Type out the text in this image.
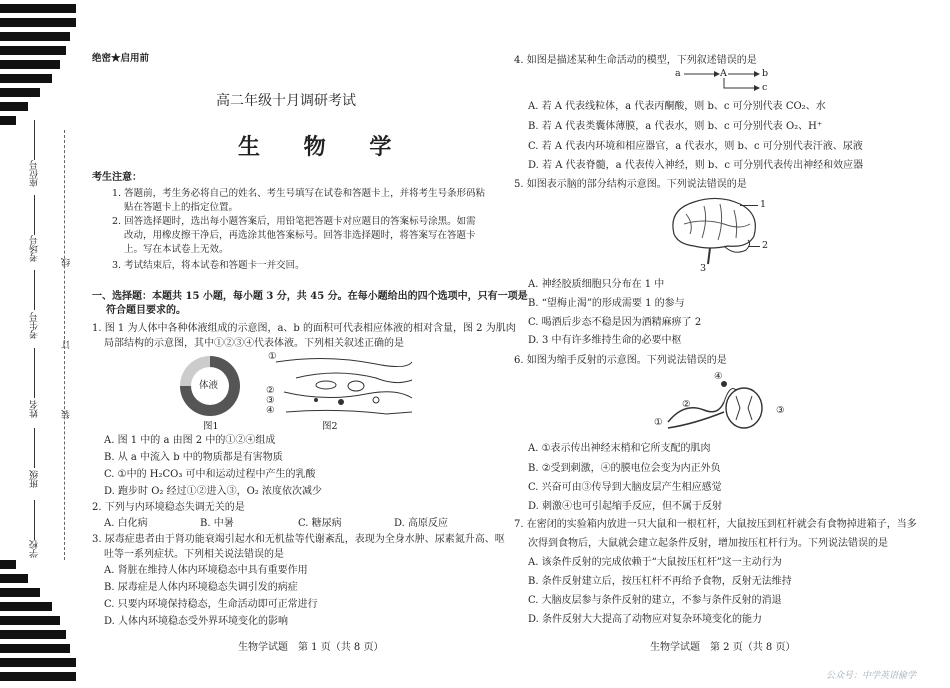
座位号
考场号
考生号
姓名
班级
学校
线
订
装
绝密★启用前
高二年级十月调研考试
生 物 学
考生注意：
1. 答题前，考生务必将自己的姓名、考生号填写在试卷和答题卡上，并将考生号条形码粘
贴在答题卡上的指定位置。
2. 回答选择题时，选出每小题答案后，用铅笔把答题卡对应题目的答案标号涂黑。如需
改动，用橡皮擦干净后，再选涂其他答案标号。回答非选择题时，将答案写在答题卡
上。写在本试卷上无效。
3. 考试结束后，将本试卷和答题卡一并交回。
一、选择题：本题共 15 小题，每小题 3 分，共 45 分。在每小题给出的四个选项中，只有一项是
符合题目要求的。
1. 图 1 为人体中各种体液组成的示意图，a、b 的面积可代表相应体液的相对含量，图 2 为肌肉
局部结构的示意图，其中①②③④代表体液。下列相关叙述正确的是
体液
图1
①
②
③
④
图2
A. 图 1 中的 a 由图 2 中的①②④组成
B. 从 a 中流入 b 中的物质都是有害物质
C. ①中的 H₂CO₃ 可中和运动过程中产生的乳酸
D. 跑步时 O₂ 经过①②进入③，O₂ 浓度依次减少
2. 下列与内环境稳态失调无关的是
A. 白化病	B. 中暑	C. 糖尿病	D. 高原反应
3. 尿毒症患者由于肾功能衰竭引起水和无机盐等代谢紊乱，表现为全身水肿、尿素氮升高、呕
吐等一系列症状。下列相关说法错误的是
A. 肾脏在维持人体内环境稳态中具有重要作用
B. 尿毒症是人体内环境稳态失调引发的病症
C. 只要内环境保持稳态，生命活动即可正常进行
D. 人体内环境稳态受外界环境变化的影响
生物学试题　第 1 页（共 8 页）
4. 如图是描述某种生命活动的模型，下列叙述错误的是
a	A	b
c
A. 若 A 代表线粒体，a 代表丙酮酸，则 b、c 可分别代表 CO₂、水
B. 若 A 代表类囊体薄膜，a 代表水，则 b、c 可分别代表 O₂、H⁺
C. 若 A 代表内环境和相应器官，a 代表水，则 b、c 可分别代表汗液、尿液
D. 若 A 代表脊髓，a 代表传入神经，则 b、c 可分别代表传出神经和效应器
5. 如图表示脑的部分结构示意图。下列说法错误的是
1
2
3
A. 神经胶质细胞只分布在 1 中
B. “望梅止渴”的形成需要 1 的参与
C. 喝酒后步态不稳是因为酒精麻痹了 2
D. 3 中有许多维持生命的必要中枢
6. 如图为缩手反射的示意图。下列说法错误的是
④
②
③
①
A. ①表示传出神经末梢和它所支配的肌肉
B. ②受到刺激，④的膜电位会变为内正外负
C. 兴奋可由③传导到大脑皮层产生相应感觉
D. 刺激④也可引起缩手反应，但不属于反射
7. 在密闭的实验箱内放进一只大鼠和一根杠杆，大鼠按压到杠杆就会有食物掉进箱子，当多
次得到食物后，大鼠就会建立起条件反射，增加按压杠杆行为。下列说法错误的是
A. 该条件反射的完成依赖于“大鼠按压杠杆”这一主动行为
B. 条件反射建立后，按压杠杆不再给予食物，反射无法维持
C. 大脑皮层参与条件反射的建立，不参与条件反射的消退
D. 条件反射大大提高了动物应对复杂环境变化的能力
生物学试题　第 2 页（共 8 页）
公众号：中学英语偷学
